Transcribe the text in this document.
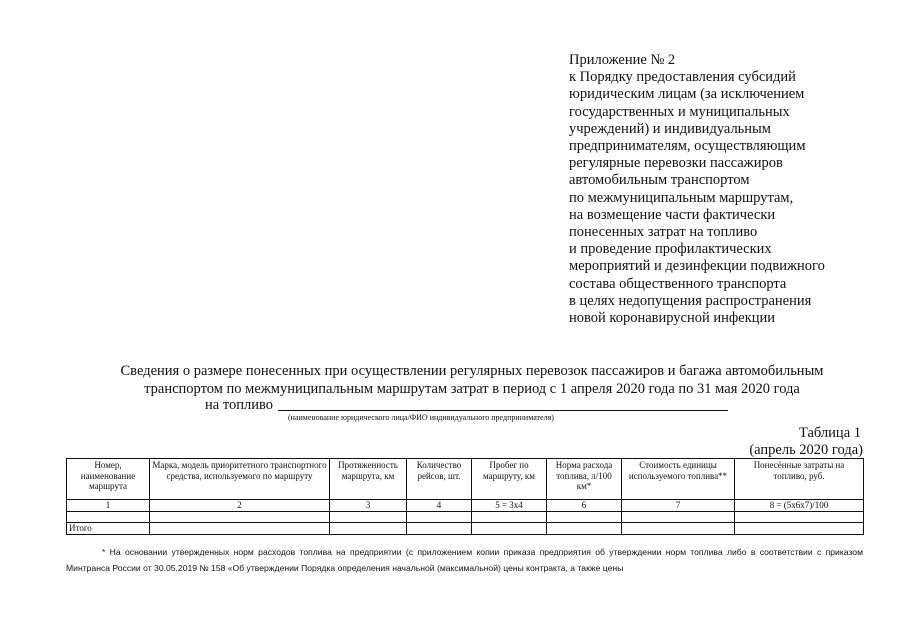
Приложение № 2
к Порядку предоставления субсидий
юридическим лицам (за исключением
государственных и муниципальных
учреждений) и индивидуальным
предпринимателям, осуществляющим
регулярные перевозки пассажиров
автомобильным транспортом
по межмуниципальным маршрутам,
на возмещение части фактически
понесенных затрат на топливо
и проведение профилактических
мероприятий и дезинфекции подвижного
состава общественного транспорта
в целях недопущения распространения
новой коронавирусной инфекции
Сведения о размере понесенных при осуществлении регулярных перевозок пассажиров и багажа автомобильным
транспортом по межмуниципальным маршрутам затрат в период с 1 апреля 2020 года по 31 мая 2020 года
на топливо
(наименование юридического лица/ФИО индивидуального предпринимателя)
Таблица 1
(апрель 2020 года)
Номер, наименование маршрута	Марка, модель приоритетного транспортного средства, используемого по маршруту	Протяженность маршрута, км	Количество рейсов, шт.	Пробег по маршруту, км	Норма расхода топлива, л/100 км*	Стоимость единицы используемого топлива**	Понесённые затраты на топливо, руб.
1	2	3	4	5 = 3х4	6	7	8 = (5х6х7)/100

Итого							
* На основании утвержденных норм расходов топлива на предприятии (с приложением копии приказа предприятия об утверждении норм топлива либо в соответствии с приказом Минтранса России от 30.05.2019 № 158 «Об утверждении Порядка определения начальной (максимальной) цены контракта, а также цены
